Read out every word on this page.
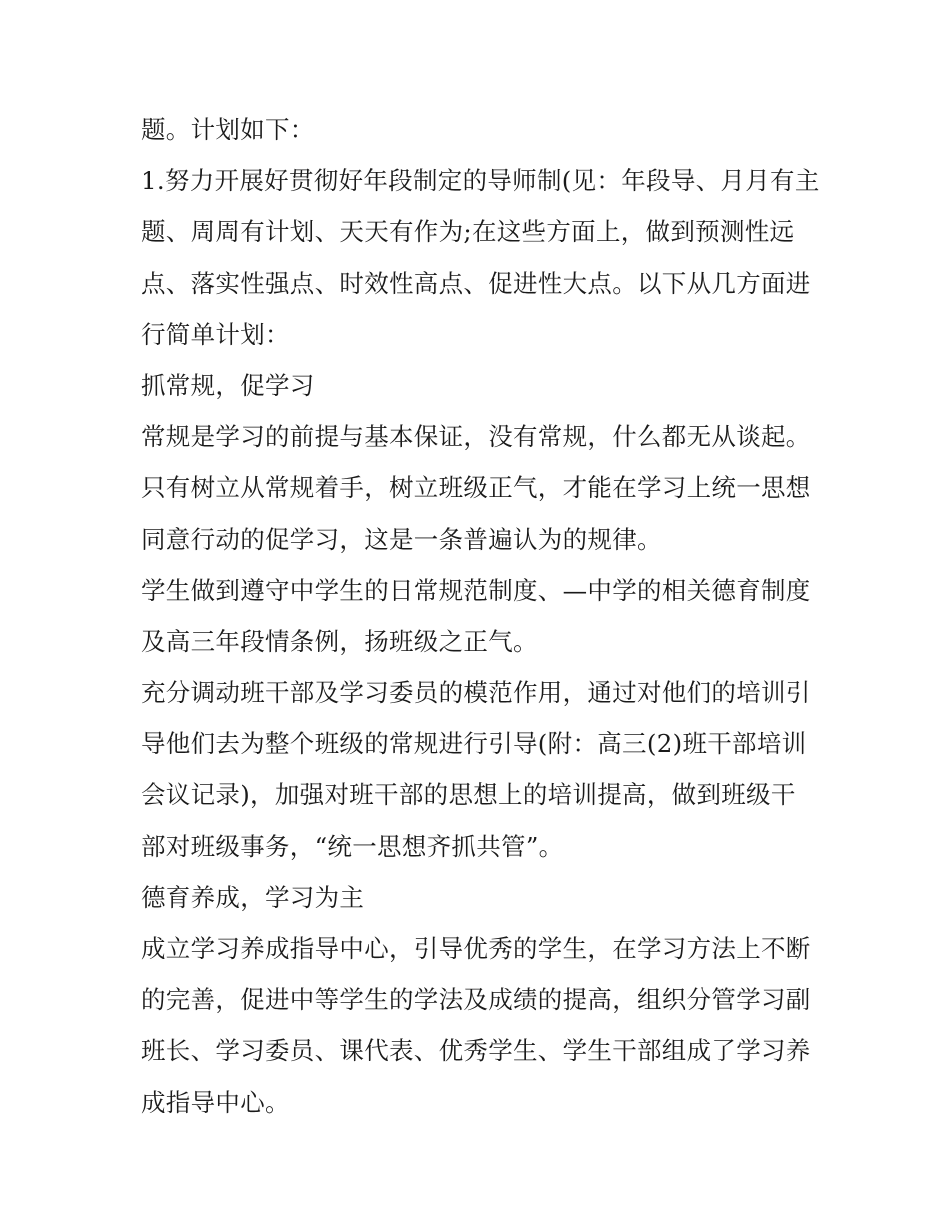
题。计划如下：
1.努力开展好贯彻好年段制定的导师制(见：年段导、月月有主
题、周周有计划、天天有作为;在这些方面上，做到预测性远
点、落实性强点、时效性高点、促进性大点。以下从几方面进
行简单计划：
抓常规，促学习
常规是学习的前提与基本保证，没有常规，什么都无从谈起。
只有树立从常规着手，树立班级正气，才能在学习上统一思想
同意行动的促学习，这是一条普遍认为的规律。
学生做到遵守中学生的日常规范制度、—中学的相关德育制度
及高三年段情条例，扬班级之正气。
充分调动班干部及学习委员的模范作用，通过对他们的培训引
导他们去为整个班级的常规进行引导(附：高三(2)班干部培训
会议记录)，加强对班干部的思想上的培训提高，做到班级干
部对班级事务，“统一思想齐抓共管”。
德育养成，学习为主
成立学习养成指导中心，引导优秀的学生，在学习方法上不断
的完善，促进中等学生的学法及成绩的提高，组织分管学习副
班长、学习委员、课代表、优秀学生、学生干部组成了学习养
成指导中心。
